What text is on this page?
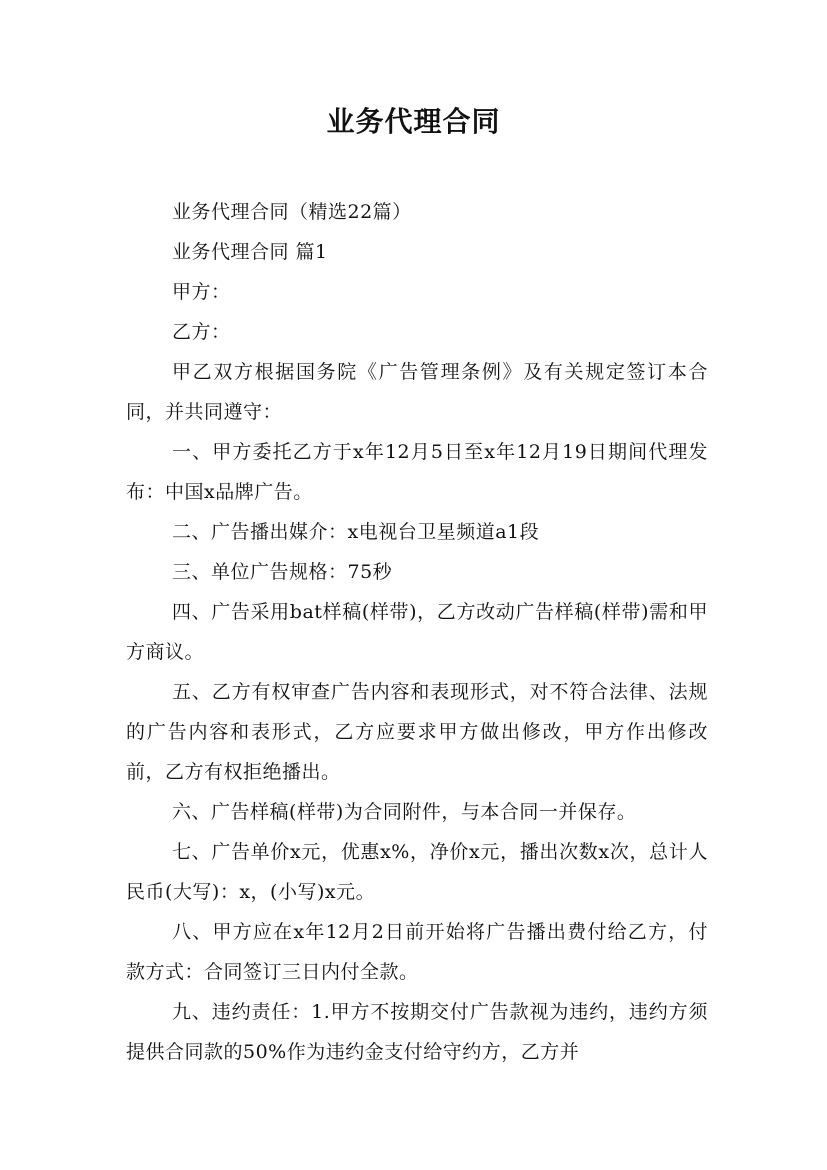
业务代理合同

业务代理合同（精选22篇）

业务代理合同 篇1

甲方：

乙方：

甲乙双方根据国务院《广告管理条例》及有关规定签订本合同，并共同遵守：

一、甲方委托乙方于x年12月5日至x年12月19日期间代理发布：中国x品牌广告。

二、广告播出媒介：x电视台卫星频道a1段

三、单位广告规格：75秒

四、广告采用bat样稿(样带)，乙方改动广告样稿(样带)需和甲方商议。

五、乙方有权审查广告内容和表现形式，对不符合法律、法规的广告内容和表形式，乙方应要求甲方做出修改，甲方作出修改前，乙方有权拒绝播出。

六、广告样稿(样带)为合同附件，与本合同一并保存。

七、广告单价x元，优惠x%，净价x元，播出次数x次，总计人民币(大写)：x，(小写)x元。

八、甲方应在x年12月2日前开始将广告播出费付给乙方，付款方式：合同签订三日内付全款。

九、违约责任：1.甲方不按期交付广告款视为违约，违约方须提供合同款的50%作为违约金支付给守约方，乙方并
